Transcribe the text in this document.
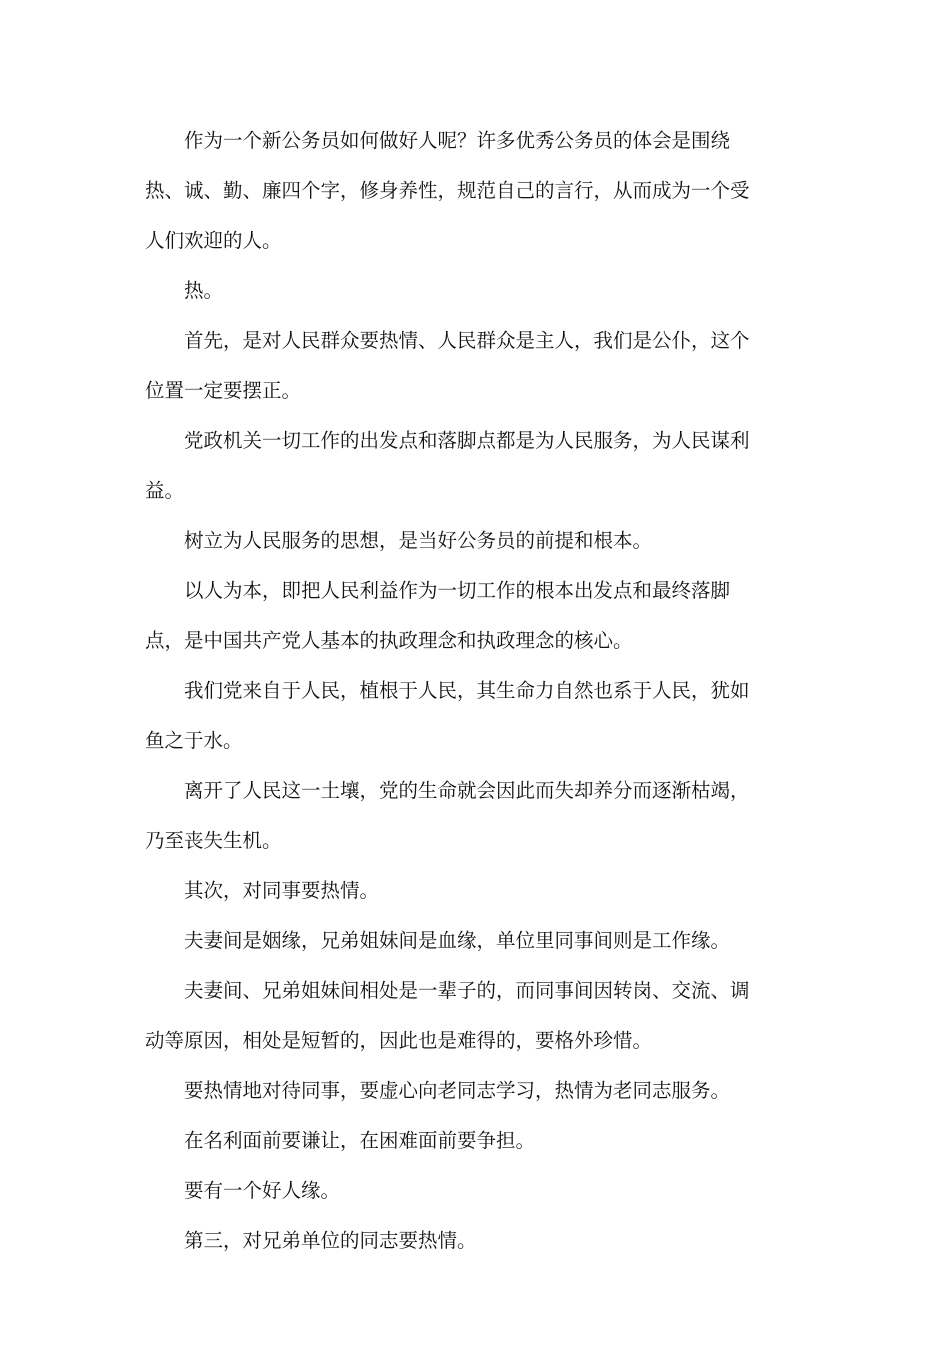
作为一个新公务员如何做好人呢？许多优秀公务员的体会是围绕热、诚、勤、廉四个字，修身养性，规范自己的言行，从而成为一个受人们欢迎的人。

热。

首先，是对人民群众要热情、人民群众是主人，我们是公仆，这个位置一定要摆正。

党政机关一切工作的出发点和落脚点都是为人民服务，为人民谋利益。

树立为人民服务的思想，是当好公务员的前提和根本。

以人为本，即把人民利益作为一切工作的根本出发点和最终落脚点，是中国共产党人基本的执政理念和执政理念的核心。

我们党来自于人民，植根于人民，其生命力自然也系于人民，犹如鱼之于水。

离开了人民这一土壤，党的生命就会因此而失却养分而逐渐枯竭，乃至丧失生机。

其次，对同事要热情。

夫妻间是姻缘，兄弟姐妹间是血缘，单位里同事间则是工作缘。

夫妻间、兄弟姐妹间相处是一辈子的，而同事间因转岗、交流、调动等原因，相处是短暂的，因此也是难得的，要格外珍惜。

要热情地对待同事，要虚心向老同志学习，热情为老同志服务。

在名利面前要谦让，在困难面前要争担。

要有一个好人缘。

第三，对兄弟单位的同志要热情。
